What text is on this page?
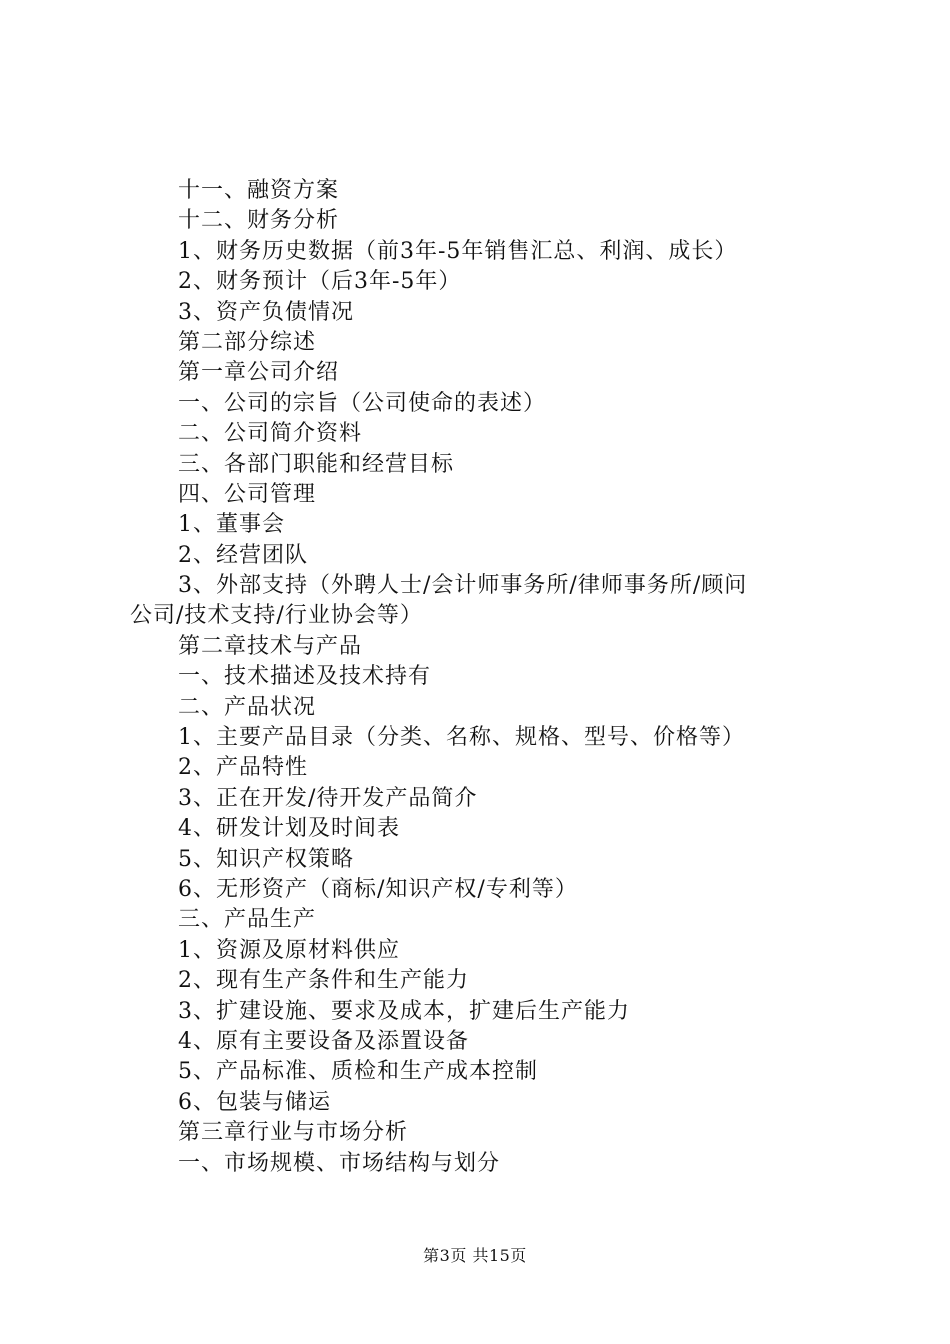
十一、融资方案
十二、财务分析
1、财务历史数据（前3年-5年销售汇总、利润、成长）
2、财务预计（后3年-5年）
3、资产负债情况
第二部分综述
第一章公司介绍
一、公司的宗旨（公司使命的表述）
二、公司简介资料
三、各部门职能和经营目标
四、公司管理
1、董事会
2、经营团队
3、外部支持（外聘人士/会计师事务所/律师事务所/顾问
公司/技术支持/行业协会等）
第二章技术与产品
一、技术描述及技术持有
二、产品状况
1、主要产品目录（分类、名称、规格、型号、价格等）
2、产品特性
3、正在开发/待开发产品简介
4、研发计划及时间表
5、知识产权策略
6、无形资产（商标/知识产权/专利等）
三、产品生产
1、资源及原材料供应
2、现有生产条件和生产能力
3、扩建设施、要求及成本，扩建后生产能力
4、原有主要设备及添置设备
5、产品标准、质检和生产成本控制
6、包装与储运
第三章行业与市场分析
一、市场规模、市场结构与划分
第3页 共15页
